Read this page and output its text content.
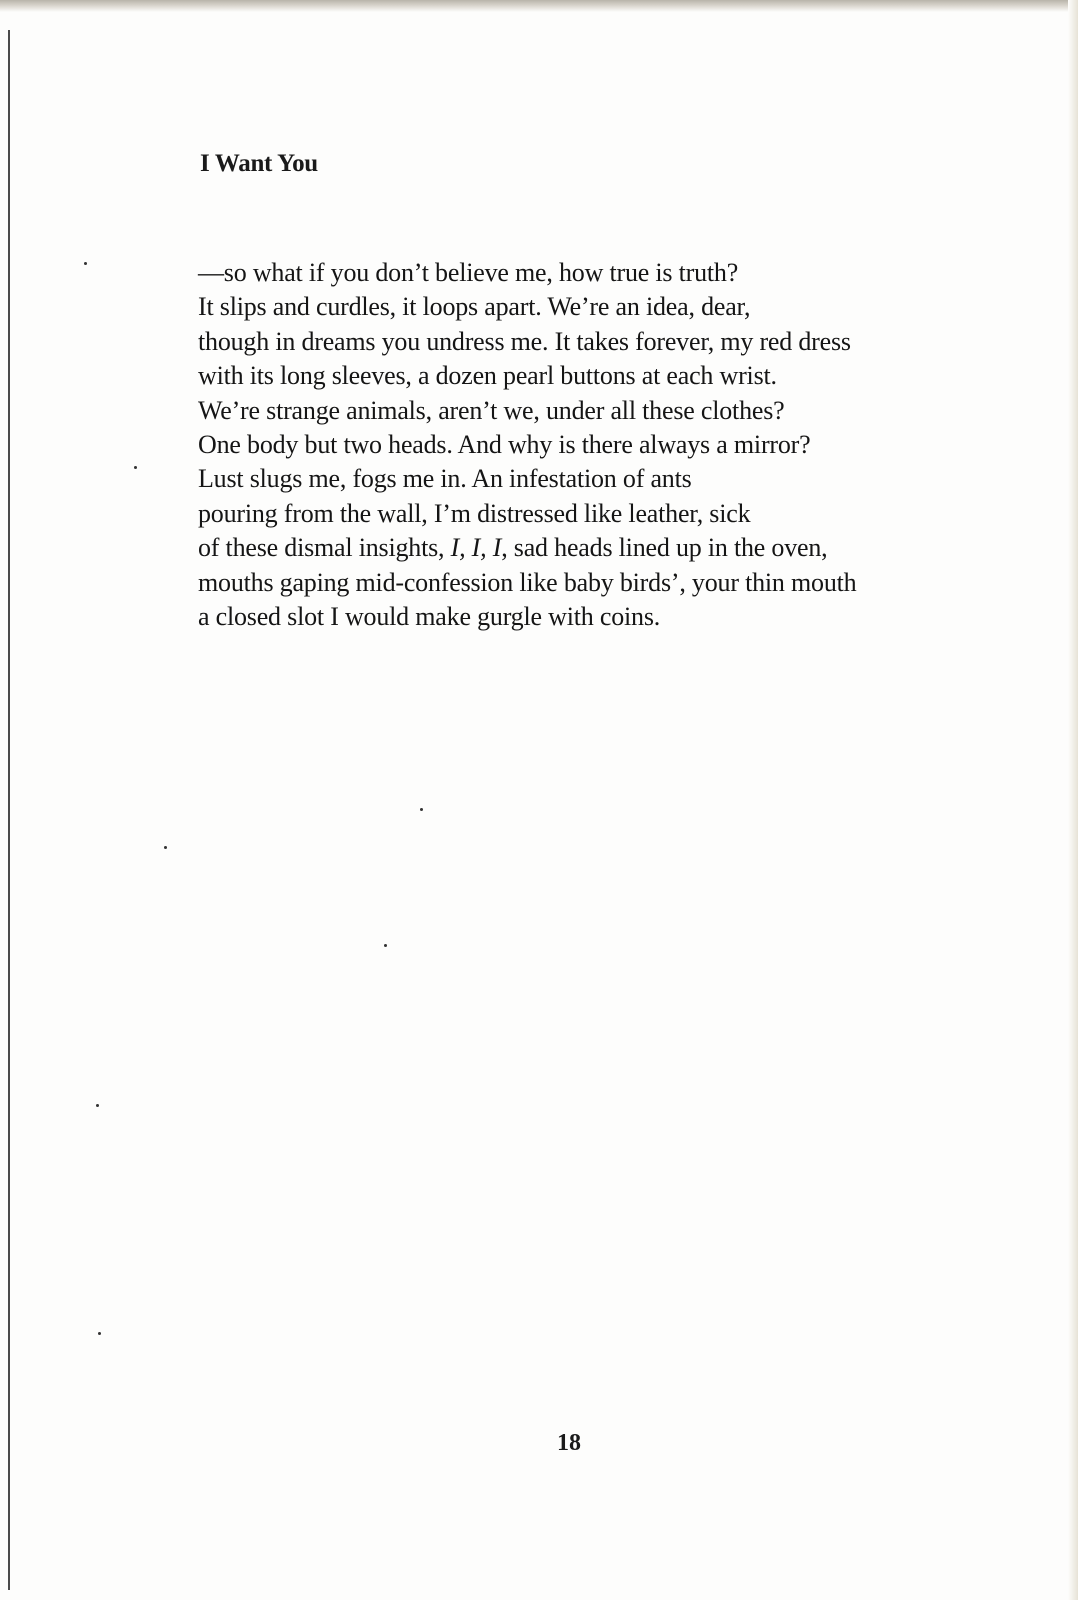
I Want You
—so what if you don’t believe me, how true is truth?
It slips and curdles, it loops apart. We’re an idea, dear,
though in dreams you undress me. It takes forever, my red dress
with its long sleeves, a dozen pearl buttons at each wrist.
We’re strange animals, aren’t we, under all these clothes?
One body but two heads. And why is there always a mirror?
Lust slugs me, fogs me in. An infestation of ants
pouring from the wall, I’m distressed like leather, sick
of these dismal insights, I, I, I, sad heads lined up in the oven,
mouths gaping mid-confession like baby birds’, your thin mouth
a closed slot I would make gurgle with coins.
18
